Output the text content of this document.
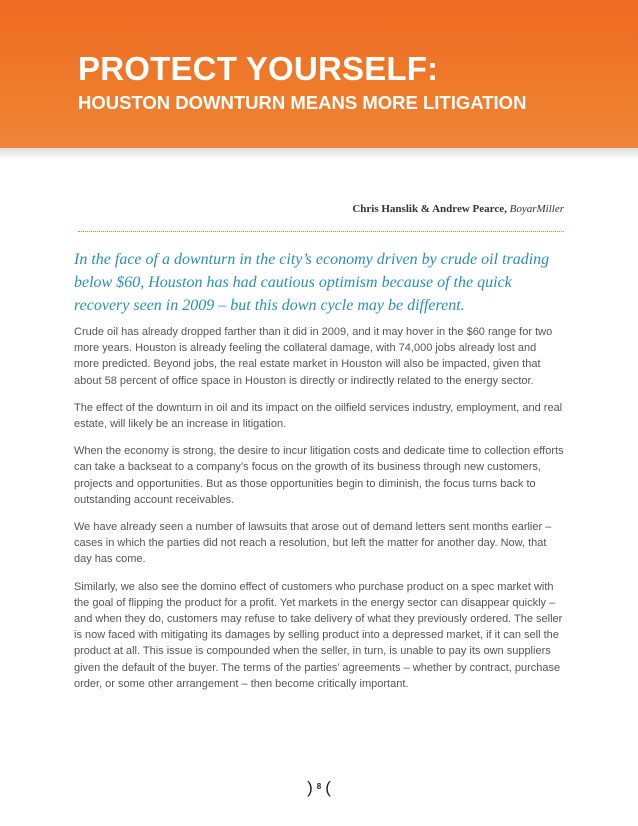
PROTECT YOURSELF:
HOUSTON DOWNTURN MEANS MORE LITIGATION
Chris Hanslik & Andrew Pearce, BoyarMiller

In the face of a downturn in the city’s economy driven by crude oil trading below $60, Houston has had cautious optimism because of the quick recovery seen in 2009 – but this down cycle may be different.

Crude oil has already dropped farther than it did in 2009, and it may hover in the $60 range for two more years. Houston is already feeling the collateral damage, with 74,000 jobs already lost and more predicted. Beyond jobs, the real estate market in Houston will also be impacted, given that about 58 percent of office space in Houston is directly or indirectly related to the energy sector.

The effect of the downturn in oil and its impact on the oilfield services industry, employment, and real estate, will likely be an increase in litigation.

When the economy is strong, the desire to incur litigation costs and dedicate time to collection efforts can take a backseat to a company’s focus on the growth of its business through new customers, projects and opportunities. But as those opportunities begin to diminish, the focus turns back to outstanding account receivables.

We have already seen a number of lawsuits that arose out of demand letters sent months earlier – cases in which the parties did not reach a resolution, but left the matter for another day. Now, that day has come.

Similarly, we also see the domino effect of customers who purchase product on a spec market with the goal of flipping the product for a profit. Yet markets in the energy sector can disappear quickly – and when they do, customers may refuse to take delivery of what they previously ordered. The seller is now faced with mitigating its damages by selling product into a depressed market, if it can sell the product at all. This issue is compounded when the seller, in turn, is unable to pay its own suppliers given the default of the buyer. The terms of the parties’ agreements – whether by contract, purchase order, or some other arrangement – then become critically important.

) 8 (
